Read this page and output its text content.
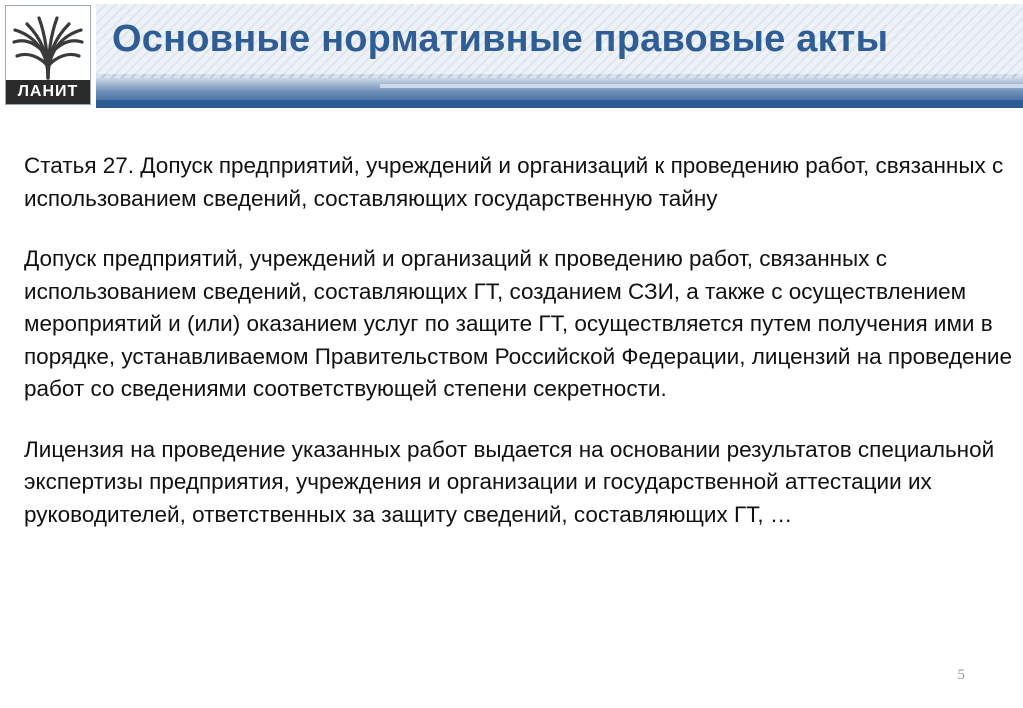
ЛАНИТ
Основные нормативные правовые акты

Статья 27. Допуск предприятий, учреждений и организаций к проведению работ, связанных с использованием сведений, составляющих государственную тайну

Допуск предприятий, учреждений и организаций к проведению работ, связанных с использованием сведений, составляющих ГТ, созданием СЗИ, а также с осуществлением мероприятий и (или) оказанием услуг по защите ГТ, осуществляется путем получения ими в порядке, устанавливаемом Правительством Российской Федерации, лицензий на проведение работ со сведениями соответствующей степени секретности.

Лицензия на проведение указанных работ выдается на основании результатов специальной экспертизы предприятия, учреждения и организации и государственной аттестации их руководителей, ответственных за защиту сведений, составляющих ГТ, …

5
